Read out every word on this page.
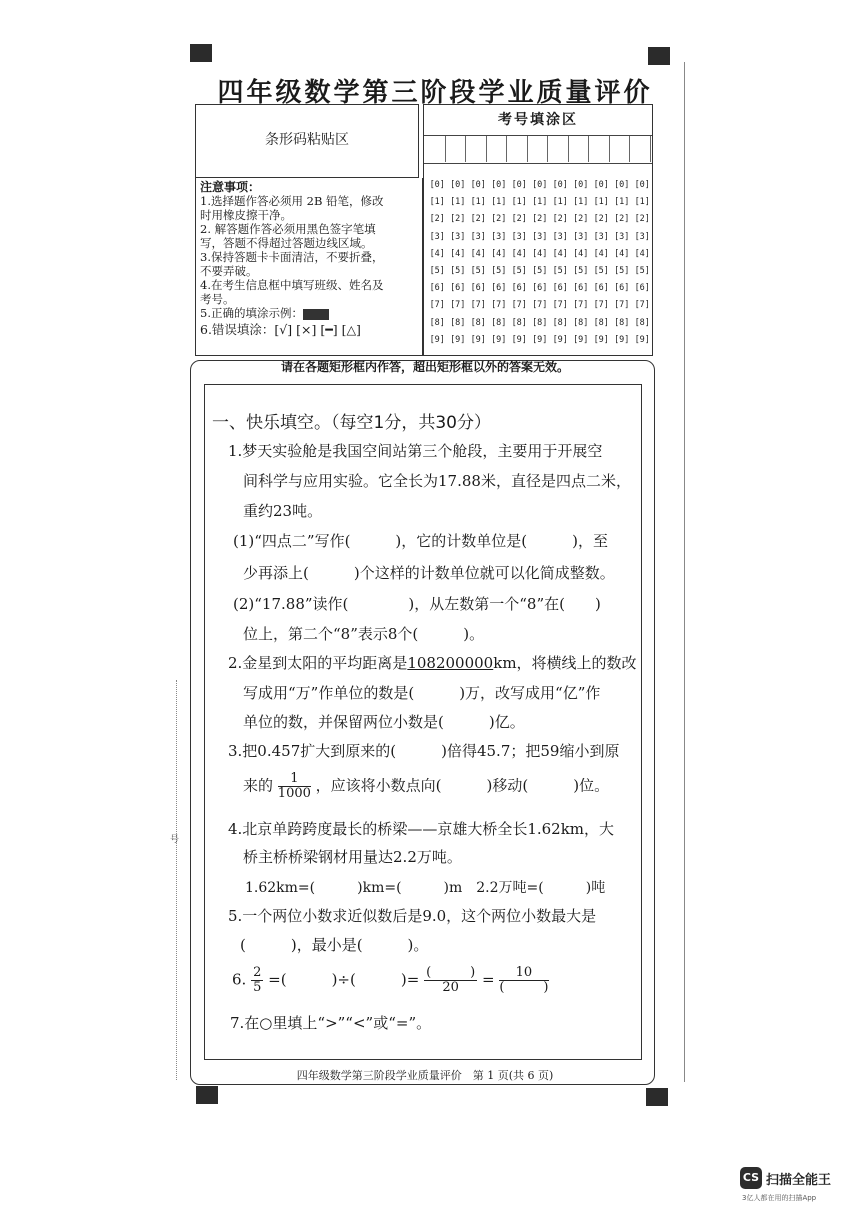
号
四年级数学第三阶段学业质量评价
条形码粘贴区
注意事项：
1.选择题作答必须用 2B 铅笔，修改
时用橡皮擦干净。
2. 解答题作答必须用黑色签字笔填
写，答题不得超过答题边线区域。
3.保持答题卡卡面清洁，不要折叠，
不要弄破。
4.在考生信息框中填写班级、姓名及
考号。
5.正确的填涂示例：
6.错误填涂：[√] [×] [━] [△]
考号填涂区
[0]
[1]
[2]
[3]
[4]
[5]
[6]
[7]
[8]
[9]
[0]
[1]
[2]
[3]
[4]
[5]
[6]
[7]
[8]
[9]
[0]
[1]
[2]
[3]
[4]
[5]
[6]
[7]
[8]
[9]
[0]
[1]
[2]
[3]
[4]
[5]
[6]
[7]
[8]
[9]
[0]
[1]
[2]
[3]
[4]
[5]
[6]
[7]
[8]
[9]
[0]
[1]
[2]
[3]
[4]
[5]
[6]
[7]
[8]
[9]
[0]
[1]
[2]
[3]
[4]
[5]
[6]
[7]
[8]
[9]
[0]
[1]
[2]
[3]
[4]
[5]
[6]
[7]
[8]
[9]
[0]
[1]
[2]
[3]
[4]
[5]
[6]
[7]
[8]
[9]
[0]
[1]
[2]
[3]
[4]
[5]
[6]
[7]
[8]
[9]
[0]
[1]
[2]
[3]
[4]
[5]
[6]
[7]
[8]
[9]
请在各题矩形框内作答，超出矩形框以外的答案无效。
一、快乐填空。（每空1分，共30分）
1.梦天实验舱是我国空间站第三个舱段，主要用于开展空
间科学与应用实验。它全长为17.88米，直径是四点二米，
重约23吨。
(1)“四点二”写作(　　　)，它的计数单位是(　　　)，至
少再添上(　　　)个这样的计数单位就可以化简成整数。
(2)“17.88”读作(　　　　)，从左数第一个“8”在(　　)
位上，第二个“8”表示8个(　　　)。
2.金星到太阳的平均距离是108200000km，将横线上的数改
写成用“万”作单位的数是(　　　)万，改写成用“亿”作
单位的数，并保留两位小数是(　　　)亿。
3.把0.457扩大到原来的(　　　)倍得45.7；把59缩小到原
来的 $\frac{1}{1000}$ ，应该将小数点向(　　　)移动(　　　)位。
4.北京单跨跨度最长的桥梁——京雄大桥全长1.62km，大
桥主桥桥梁钢材用量达2.2万吨。
1.62km=(　　　)km=(　　　)m　2.2万吨=(　　　)吨
5.一个两位小数求近似数后是9.0，这个两位小数最大是
(　　　)，最小是(　　　)。
6. $\frac{2}{5}$ =(　　　)÷(　　　)= $\frac{( )}{20} = \frac{10}{( )}$
7.在○里填上“>”“<”或“=”。
四年级数学第三阶段学业质量评价　第 1 页(共 6 页)
CS 扫描全能王
3亿人都在用的扫描App
